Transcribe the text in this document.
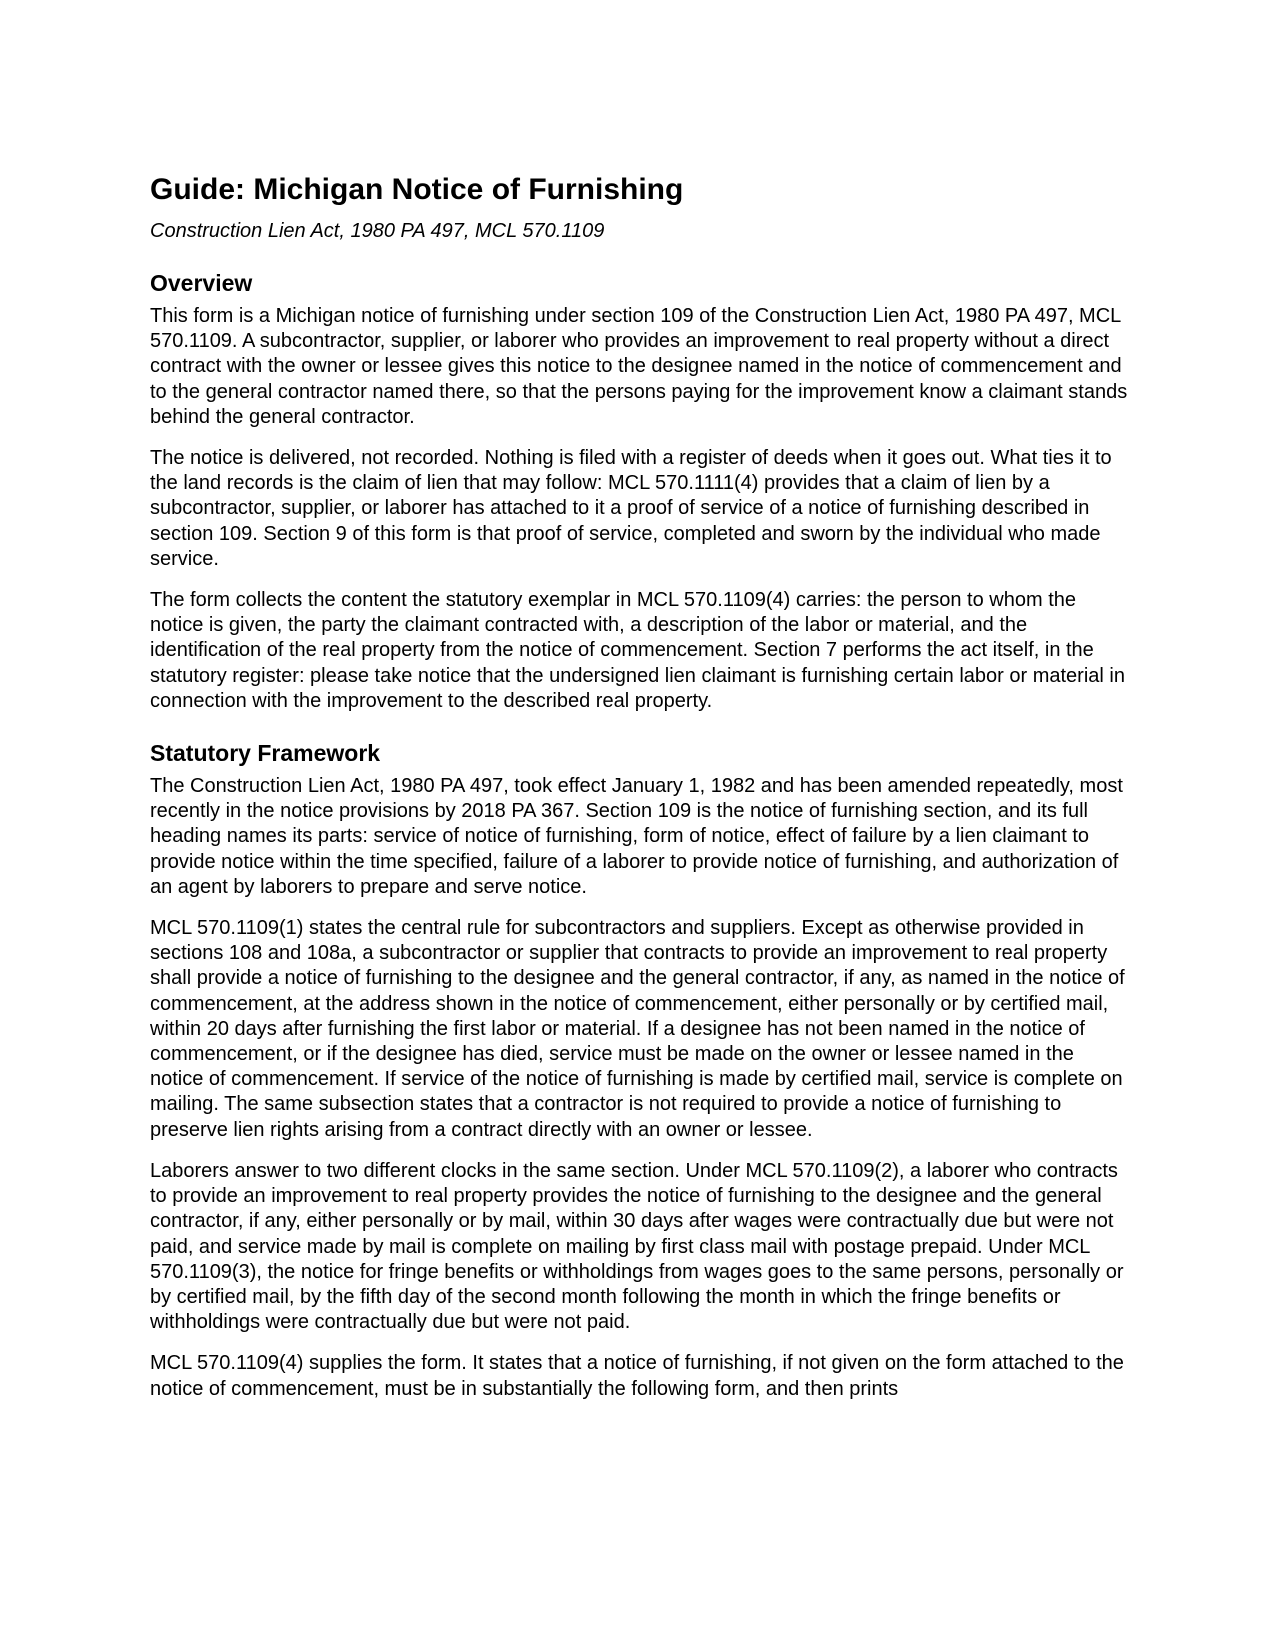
Guide: Michigan Notice of Furnishing
Construction Lien Act, 1980 PA 497, MCL 570.1109
Overview

This form is a Michigan notice of furnishing under section 109 of the Construction Lien Act, 1980 PA 497, MCL 570.1109. A subcontractor, supplier, or laborer who provides an improvement to real property without a direct contract with the owner or lessee gives this notice to the designee named in the notice of commencement and to the general contractor named there, so that the persons paying for the improvement know a claimant stands behind the general contractor.

The notice is delivered, not recorded. Nothing is filed with a register of deeds when it goes out. What ties it to the land records is the claim of lien that may follow: MCL 570.1111(4) provides that a claim of lien by a subcontractor, supplier, or laborer has attached to it a proof of service of a notice of furnishing described in section 109. Section 9 of this form is that proof of service, completed and sworn by the individual who made service.

The form collects the content the statutory exemplar in MCL 570.1109(4) carries: the person to whom the notice is given, the party the claimant contracted with, a description of the labor or material, and the identification of the real property from the notice of commencement. Section 7 performs the act itself, in the statutory register: please take notice that the undersigned lien claimant is furnishing certain labor or material in connection with the improvement to the described real property.

Statutory Framework

The Construction Lien Act, 1980 PA 497, took effect January 1, 1982 and has been amended repeatedly, most recently in the notice provisions by 2018 PA 367. Section 109 is the notice of furnishing section, and its full heading names its parts: service of notice of furnishing, form of notice, effect of failure by a lien claimant to provide notice within the time specified, failure of a laborer to provide notice of furnishing, and authorization of an agent by laborers to prepare and serve notice.

MCL 570.1109(1) states the central rule for subcontractors and suppliers. Except as otherwise provided in sections 108 and 108a, a subcontractor or supplier that contracts to provide an improvement to real property shall provide a notice of furnishing to the designee and the general contractor, if any, as named in the notice of commencement, at the address shown in the notice of commencement, either personally or by certified mail, within 20 days after furnishing the first labor or material. If a designee has not been named in the notice of commencement, or if the designee has died, service must be made on the owner or lessee named in the notice of commencement. If service of the notice of furnishing is made by certified mail, service is complete on mailing. The same subsection states that a contractor is not required to provide a notice of furnishing to preserve lien rights arising from a contract directly with an owner or lessee.

Laborers answer to two different clocks in the same section. Under MCL 570.1109(2), a laborer who contracts to provide an improvement to real property provides the notice of furnishing to the designee and the general contractor, if any, either personally or by mail, within 30 days after wages were contractually due but were not paid, and service made by mail is complete on mailing by first class mail with postage prepaid. Under MCL 570.1109(3), the notice for fringe benefits or withholdings from wages goes to the same persons, personally or by certified mail, by the fifth day of the second month following the month in which the fringe benefits or withholdings were contractually due but were not paid.

MCL 570.1109(4) supplies the form. It states that a notice of furnishing, if not given on the form attached to the notice of commencement, must be in substantially the following form, and then prints
